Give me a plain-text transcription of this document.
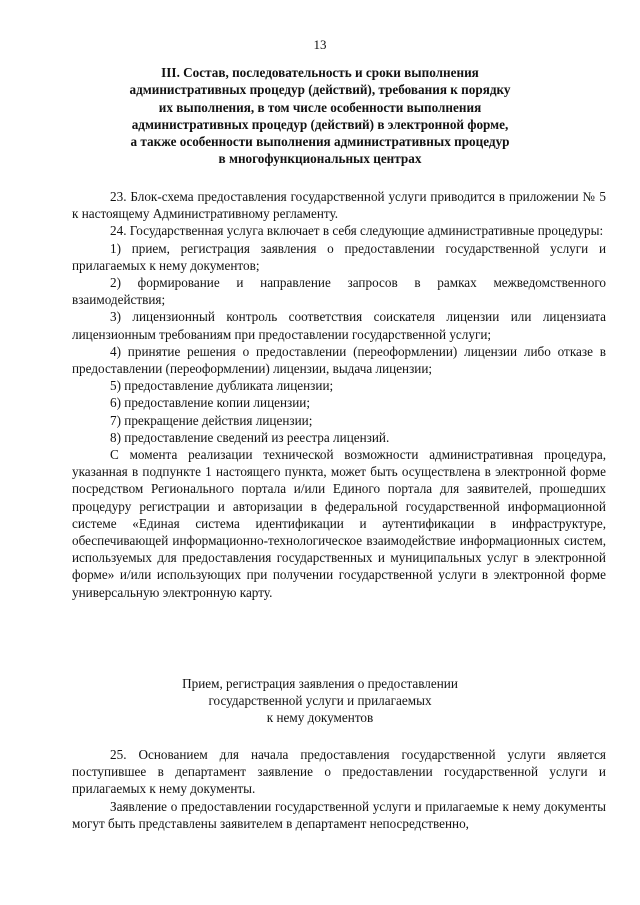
13
III. Состав, последовательность и сроки выполнения
административных процедур (действий), требования к порядку
их выполнения, в том числе особенности выполнения
административных процедур (действий) в электронной форме,
а также особенности выполнения административных процедур
в многофункциональных центрах

23. Блок-схема предоставления государственной услуги приводится в приложении № 5 к настоящему Административному регламенту.

24. Государственная услуга включает в себя следующие административные процедуры:

1) прием, регистрация заявления о предоставлении государственной услуги и прилагаемых к нему документов;

2) формирование и направление запросов в рамках межведомственного взаимодействия;

3) лицензионный контроль соответствия соискателя лицензии или лицензиата лицензионным требованиям при предоставлении государственной услуги;

4) принятие решения о предоставлении (переоформлении) лицензии либо отказе в предоставлении (переоформлении) лицензии, выдача лицензии;

5) предоставление дубликата лицензии;

6) предоставление копии лицензии;

7) прекращение действия лицензии;

8) предоставление сведений из реестра лицензий.

С момента реализации технической возможности административная процедура, указанная в подпункте 1 настоящего пункта, может быть осуществлена в электронной форме посредством Регионального портала и/или Единого портала для заявителей, прошедших процедуру регистрации и авторизации в федеральной государственной информационной системе «Единая система идентификации и аутентификации в инфраструктуре, обеспечивающей информационно-технологическое взаимодействие информационных систем, используемых для предоставления государственных и муниципальных услуг в электронной форме» и/или использующих при получении государственной услуги в электронной форме универсальную электронную карту.

Прием, регистрация заявления о предоставлении
государственной услуги и прилагаемых
к нему документов

25. Основанием для начала предоставления государственной услуги является поступившее в департамент заявление о предоставлении государственной услуги и прилагаемых к нему документы.

Заявление о предоставлении государственной услуги и прилагаемые к нему документы могут быть представлены заявителем в департамент непосредственно,
